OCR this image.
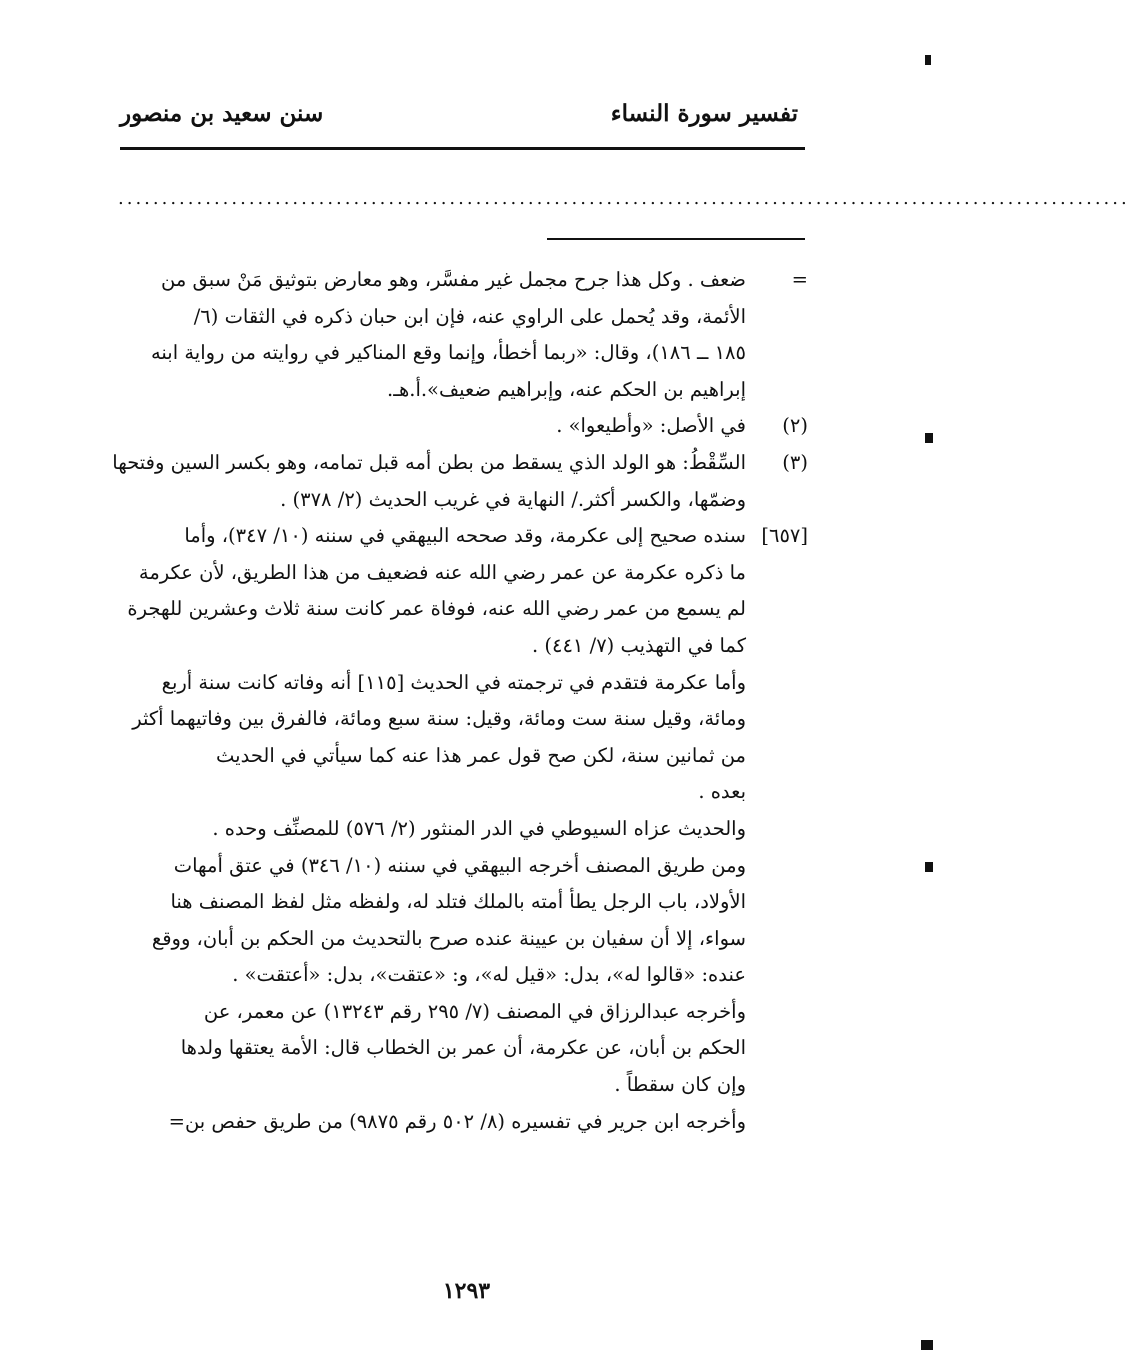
تفسير سورة النساء
سنن سعيد بن منصور
....................................................................................................................
=
ضعف . وكل هذا جرح مجمل غير مفسَّر، وهو معارض بتوثيق مَنْ سبق من
الأئمة، وقد يُحمل على الراوي عنه، فإن ابن حبان ذكره في الثقات (٦/
١٨٥ ــ ١٨٦)، وقال: «ربما أخطأ، وإنما وقع المناكير في روايته من رواية ابنه
إبراهيم بن الحكم عنه، وإبراهيم ضعيف».أ.هـ.
(٢)
في الأصل: «وأطيعوا» .
(٣)
السِّقْطُ: هو الولد الذي يسقط من بطن أمه قبل تمامه، وهو بكسر السين وفتحها
وضمّها، والكسر أكثر./ النهاية في غريب الحديث (٢/ ٣٧٨) .
[٦٥٧]
سنده صحيح إلى عكرمة، وقد صححه البيهقي في سننه (١٠/ ٣٤٧)، وأما
ما ذكره عكرمة عن عمر رضي الله عنه فضعيف من هذا الطريق، لأن عكرمة
لم يسمع من عمر رضي الله عنه، فوفاة عمر كانت سنة ثلاث وعشرين للهجرة
كما في التهذيب (٧/ ٤٤١) .
وأما عكرمة فتقدم في ترجمته في الحديث [١١٥] أنه وفاته كانت سنة أربع
ومائة، وقيل سنة ست ومائة، وقيل: سنة سبع ومائة، فالفرق بين وفاتيهما أكثر
من ثمانين سنة، لكن صح قول عمر هذا عنه كما سيأتي في الحديث
بعده .
والحديث عزاه السيوطي في الدر المنثور (٢/ ٥٧٦) للمصنِّف وحده .
ومن طريق المصنف أخرجه البيهقي في سننه (١٠/ ٣٤٦) في عتق أمهات
الأولاد، باب الرجل يطأ أمته بالملك فتلد له، ولفظه مثل لفظ المصنف هنا
سواء، إلا أن سفيان بن عيينة عنده صرح بالتحديث من الحكم بن أبان، ووقع
عنده: «قالوا له»، بدل: «قيل له»، و: «عتقت»، بدل: «أعتقت» .
وأخرجه عبدالرزاق في المصنف (٧/ ٢٩٥ رقم ١٣٢٤٣) عن معمر، عن
الحكم بن أبان، عن عكرمة، أن عمر بن الخطاب قال: الأمة يعتقها ولدها
وإن كان سقطاً .
وأخرجه ابن جرير في تفسيره (٨/ ٥٠٢ رقم ٩٨٧٥) من طريق حفص بن=
١٢٩٣
